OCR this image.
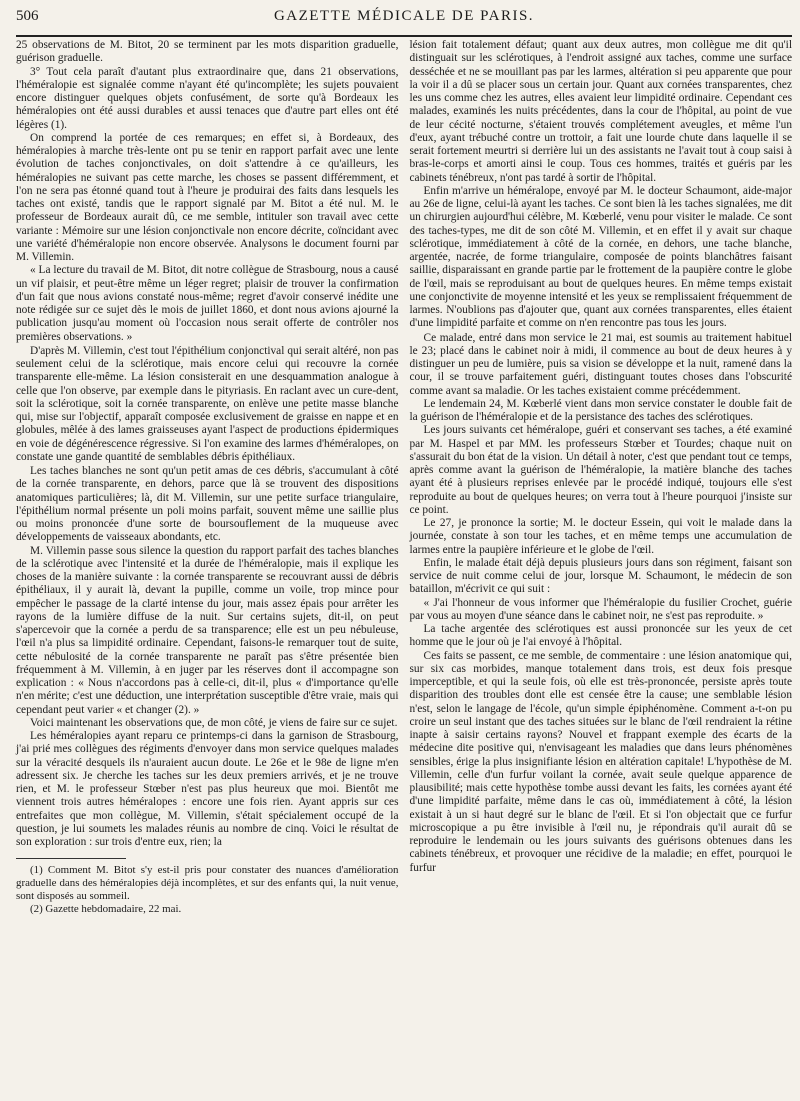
506	GAZETTE MÉDICALE DE PARIS.

25 observations de M. Bitot, 20 se terminent par les mots disparition graduelle, guérison graduelle.

3° Tout cela paraît d'autant plus extraordinaire que, dans 21 observations, l'héméralopie est signalée comme n'ayant été qu'incomplète; les sujets pouvaient encore distinguer quelques objets confusément, de sorte qu'à Bordeaux les héméralopies ont été aussi durables et aussi tenaces que d'autre part elles ont été légères (1).

On comprend la portée de ces remarques; en effet si, à Bordeaux, des héméralopies à marche très-lente ont pu se tenir en rapport parfait avec une lente évolution de taches conjonctivales, on doit s'attendre à ce qu'ailleurs, les héméralopies ne suivant pas cette marche, les choses se passent différemment, et l'on ne sera pas étonné quand tout à l'heure je produirai des faits dans lesquels les taches ont existé, tandis que le rapport signalé par M. Bitot a été nul. M. le professeur de Bordeaux aurait dû, ce me semble, intituler son travail avec cette variante : Mémoire sur une lésion conjonctivale non encore décrite, coïncidant avec une variété d'héméralopie non encore observée. Analysons le document fourni par M. Villemin.

« La lecture du travail de M. Bitot, dit notre collègue de Strasbourg, nous a causé un vif plaisir, et peut-être même un léger regret; plaisir de trouver la confirmation d'un fait que nous avions constaté nous-même; regret d'avoir conservé inédite une note rédigée sur ce sujet dès le mois de juillet 1860, et dont nous avions ajourné la publication jusqu'au moment où l'occasion nous serait offerte de contrôler nos premières observations. »

D'après M. Villemin, c'est tout l'épithélium conjonctival qui serait altéré, non pas seulement celui de la sclérotique, mais encore celui qui recouvre la cornée transparente elle-même. La lésion consisterait en une desquammation analogue à celle que l'on observe, par exemple dans le pityriasis. En raclant avec un cure-dent, soit la sclérotique, soit la cornée transparente, on enlève une petite masse blanche qui, mise sur l'objectif, apparaît composée exclusivement de graisse en nappe et en globules, mêlée à des lames graisseuses ayant l'aspect de productions épidermiques en voie de dégénérescence régressive. Si l'on examine des larmes d'héméralopes, on constate une gande quantité de semblables débris épithéliaux.

Les taches blanches ne sont qu'un petit amas de ces débris, s'accumulant à côté de la cornée transparente, en dehors, parce que là se trouvent des dispositions anatomiques particulières; là, dit M. Villemin, sur une petite surface triangulaire, l'épithélium normal présente un poli moins parfait, souvent même une saillie plus ou moins prononcée d'une sorte de boursouflement de la muqueuse avec développements de vaisseaux abondants, etc.

M. Villemin passe sous silence la question du rapport parfait des taches blanches de la sclérotique avec l'intensité et la durée de l'héméralopie, mais il explique les choses de la manière suivante : la cornée transparente se recouvrant aussi de débris épithéliaux, il y aurait là, devant la pupille, comme un voile, trop mince pour empêcher le passage de la clarté intense du jour, mais assez épais pour arrêter les rayons de la lumière diffuse de la nuit. Sur certains sujets, dit-il, on peut s'apercevoir que la cornée a perdu de sa transparence; elle est un peu nébuleuse, l'œil n'a plus sa limpidité ordinaire. Cependant, faisons-le remarquer tout de suite, cette nébulosité de la cornée transparente ne paraît pas s'être présentée bien fréquemment à M. Villemin, à en juger par les réserves dont il accompagne son explication : « Nous n'accordons pas à celle-ci, dit-il, plus « d'importance qu'elle n'en mérite; c'est une déduction, une interprétation susceptible d'être vraie, mais qui cependant peut varier « et changer (2). »

Voici maintenant les observations que, de mon côté, je viens de faire sur ce sujet.

Les héméralopies ayant reparu ce printemps-ci dans la garnison de Strasbourg, j'ai prié mes collègues des régiments d'envoyer dans mon service quelques malades sur la véracité desquels ils n'auraient aucun doute. Le 26e et le 98e de ligne m'en adressent six. Je cherche les taches sur les deux premiers arrivés, et je ne trouve rien, et M. le professeur Stœber n'est pas plus heureux que moi. Bientôt me viennent trois autres héméralopes : encore une fois rien. Ayant appris sur ces entrefaites que mon collègue, M. Villemin, s'était spécialement occupé de la question, je lui soumets les malades réunis au nombre de cinq. Voici le résultat de son exploration : sur trois d'entre eux, rien; la

(1) Comment M. Bitot s'y est-il pris pour constater des nuances d'amélioration graduelle dans des héméralopies déjà incomplètes, et sur des enfants qui, la nuit venue, sont disposés au sommeil.

(2) Gazette hebdomadaire, 22 mai.

lésion fait totalement défaut; quant aux deux autres, mon collègue me dit qu'il distinguait sur les sclérotiques, à l'endroit assigné aux taches, comme une surface desséchée et ne se mouillant pas par les larmes, altération si peu apparente que pour la voir il a dû se placer sous un certain jour. Quant aux cornées transparentes, chez les uns comme chez les autres, elles avaient leur limpidité ordinaire. Cependant ces malades, examinés les nuits précédentes, dans la cour de l'hôpital, au point de vue de leur cécité nocturne, s'étaient trouvés complétement aveugles, et même l'un d'eux, ayant trébuché contre un trottoir, a fait une lourde chute dans laquelle il se serait fortement meurtri si derrière lui un des assistants ne l'avait tout à coup saisi à bras-le-corps et amorti ainsi le coup. Tous ces hommes, traités et guéris par les cabinets ténébreux, n'ont pas tardé à sortir de l'hôpital.

Enfin m'arrive un héméralope, envoyé par M. le docteur Schaumont, aide-major au 26e de ligne, celui-là ayant les taches. Ce sont bien là les taches signalées, me dit un chirurgien aujourd'hui célèbre, M. Kœberlé, venu pour visiter le malade. Ce sont des taches-types, me dit de son côté M. Villemin, et en effet il y avait sur chaque sclérotique, immédiatement à côté de la cornée, en dehors, une tache blanche, argentée, nacrée, de forme triangulaire, composée de points blanchâtres faisant saillie, disparaissant en grande partie par le frottement de la paupière contre le globe de l'œil, mais se reproduisant au bout de quelques heures. En même temps existait une conjonctivite de moyenne intensité et les yeux se remplissaient fréquemment de larmes. N'oublions pas d'ajouter que, quant aux cornées transparentes, elles étaient d'une limpidité parfaite et comme on n'en rencontre pas tous les jours.

Ce malade, entré dans mon service le 21 mai, est soumis au traitement habituel le 23; placé dans le cabinet noir à midi, il commence au bout de deux heures à y distinguer un peu de lumière, puis sa vision se développe et la nuit, ramené dans la cour, il se trouve parfaitement guéri, distinguant toutes choses dans l'obscurité comme avant sa maladie. Or les taches existaient comme précédemment.

Le lendemain 24, M. Kœberlé vient dans mon service constater le double fait de la guérison de l'héméralopie et de la persistance des taches des sclérotiques.

Les jours suivants cet héméralope, guéri et conservant ses taches, a été examiné par M. Haspel et par MM. les professeurs Stœber et Tourdes; chaque nuit on s'assurait du bon état de la vision. Un détail à noter, c'est que pendant tout ce temps, après comme avant la guérison de l'héméralopie, la matière blanche des taches ayant été à plusieurs reprises enlevée par le procédé indiqué, toujours elle s'est reproduite au bout de quelques heures; on verra tout à l'heure pourquoi j'insiste sur ce point.

Le 27, je prononce la sortie; M. le docteur Essein, qui voit le malade dans la journée, constate à son tour les taches, et en même temps une accumulation de larmes entre la paupière inférieure et le globe de l'œil.

Enfin, le malade était déjà depuis plusieurs jours dans son régiment, faisant son service de nuit comme celui de jour, lorsque M. Schaumont, le médecin de son bataillon, m'écrivit ce qui suit :

« J'ai l'honneur de vous informer que l'héméralopie du fusilier Crochet, guérie par vous au moyen d'une séance dans le cabinet noir, ne s'est pas reproduite. »

La tache argentée des sclérotiques est aussi prononcée sur les yeux de cet homme que le jour où je l'ai envoyé à l'hôpital.

Ces faits se passent, ce me semble, de commentaire : une lésion anatomique qui, sur six cas morbides, manque totalement dans trois, est deux fois presque imperceptible, et qui la seule fois, où elle est très-prononcée, persiste après toute disparition des troubles dont elle est censée être la cause; une semblable lésion n'est, selon le langage de l'école, qu'un simple épiphénomène. Comment a-t-on pu croire un seul instant que des taches situées sur le blanc de l'œil rendraient la rétine inapte à saisir certains rayons? Nouvel et frappant exemple des écarts de la médecine dite positive qui, n'envisageant les maladies que dans leurs phénomènes sensibles, érige la plus insignifiante lésion en altération capitale! L'hypothèse de M. Villemin, celle d'un furfur voilant la cornée, avait seule quelque apparence de plausibilité; mais cette hypothèse tombe aussi devant les faits, les cornées ayant été d'une limpidité parfaite, même dans le cas où, immédiatement à côté, la lésion existait à un si haut degré sur le blanc de l'œil. Et si l'on objectait que ce furfur microscopique a pu être invisible à l'œil nu, je répondrais qu'il aurait dû se reproduire le lendemain ou les jours suivants des guérisons obtenues dans les cabinets ténébreux, et provoquer une récidive de la maladie; en effet, pourquoi le furfur
